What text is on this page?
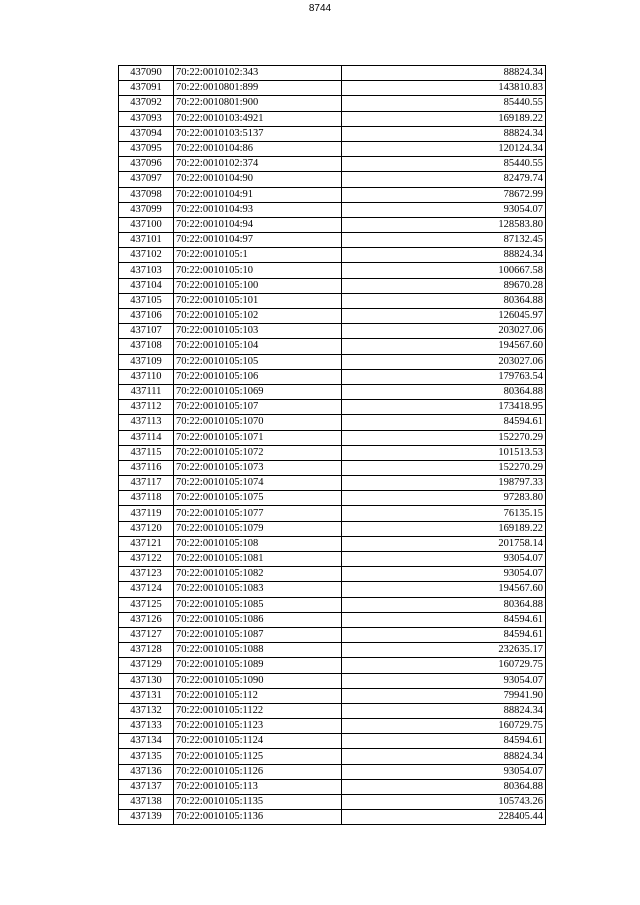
8744
437090	70:22:0010102:343	88824.34
437091	70:22:0010801:899	143810.83
437092	70:22:0010801:900	85440.55
437093	70:22:0010103:4921	169189.22
437094	70:22:0010103:5137	88824.34
437095	70:22:0010104:86	120124.34
437096	70:22:0010102:374	85440.55
437097	70:22:0010104:90	82479.74
437098	70:22:0010104:91	78672.99
437099	70:22:0010104:93	93054.07
437100	70:22:0010104:94	128583.80
437101	70:22:0010104:97	87132.45
437102	70:22:0010105:1	88824.34
437103	70:22:0010105:10	100667.58
437104	70:22:0010105:100	89670.28
437105	70:22:0010105:101	80364.88
437106	70:22:0010105:102	126045.97
437107	70:22:0010105:103	203027.06
437108	70:22:0010105:104	194567.60
437109	70:22:0010105:105	203027.06
437110	70:22:0010105:106	179763.54
437111	70:22:0010105:1069	80364.88
437112	70:22:0010105:107	173418.95
437113	70:22:0010105:1070	84594.61
437114	70:22:0010105:1071	152270.29
437115	70:22:0010105:1072	101513.53
437116	70:22:0010105:1073	152270.29
437117	70:22:0010105:1074	198797.33
437118	70:22:0010105:1075	97283.80
437119	70:22:0010105:1077	76135.15
437120	70:22:0010105:1079	169189.22
437121	70:22:0010105:108	201758.14
437122	70:22:0010105:1081	93054.07
437123	70:22:0010105:1082	93054.07
437124	70:22:0010105:1083	194567.60
437125	70:22:0010105:1085	80364.88
437126	70:22:0010105:1086	84594.61
437127	70:22:0010105:1087	84594.61
437128	70:22:0010105:1088	232635.17
437129	70:22:0010105:1089	160729.75
437130	70:22:0010105:1090	93054.07
437131	70:22:0010105:112	79941.90
437132	70:22:0010105:1122	88824.34
437133	70:22:0010105:1123	160729.75
437134	70:22:0010105:1124	84594.61
437135	70:22:0010105:1125	88824.34
437136	70:22:0010105:1126	93054.07
437137	70:22:0010105:113	80364.88
437138	70:22:0010105:1135	105743.26
437139	70:22:0010105:1136	228405.44
